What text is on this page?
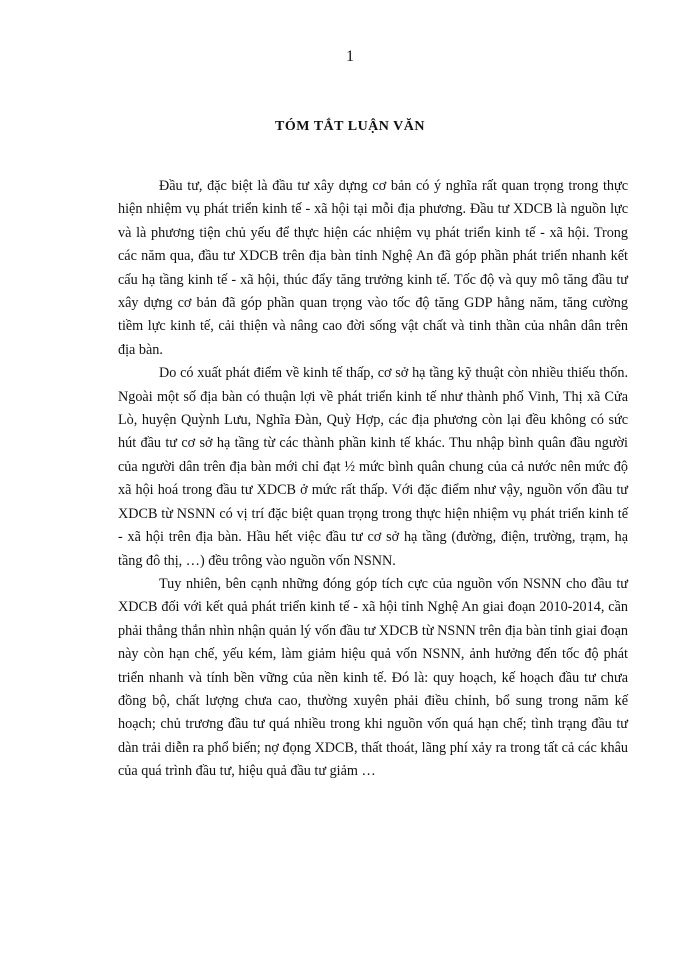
1
TÓM TẮT LUẬN VĂN

Đầu tư, đặc biệt là đầu tư xây dựng cơ bản có ý nghĩa rất quan trọng trong thực hiện nhiệm vụ phát triển kinh tế - xã hội tại mỗi địa phương. Đầu tư XDCB là nguồn lực và là phương tiện chủ yếu để thực hiện các nhiệm vụ phát triển kinh tế - xã hội. Trong các năm qua, đầu tư XDCB trên địa bàn tỉnh Nghệ An đã góp phần phát triển nhanh kết cấu hạ tầng kinh tế - xã hội, thúc đẩy tăng trưởng kinh tế. Tốc độ và quy mô tăng đầu tư xây dựng cơ bản đã góp phần quan trọng vào tốc độ tăng GDP hằng năm, tăng cường tiềm lực kinh tế, cải thiện và nâng cao đời sống vật chất và tinh thần của nhân dân trên địa bàn.

Do có xuất phát điểm về kinh tế thấp, cơ sở hạ tầng kỹ thuật còn nhiều thiếu thốn. Ngoài một số địa bàn có thuận lợi về phát triển kinh tế như thành phố Vinh, Thị xã Cửa Lò, huyện Quỳnh Lưu, Nghĩa Đàn, Quỳ Hợp, các địa phương còn lại đều không có sức hút đầu tư cơ sở hạ tầng từ các thành phần kinh tế khác. Thu nhập bình quân đầu người của người dân trên địa bàn mới chỉ đạt ½ mức bình quân chung của cả nước nên mức độ xã hội hoá trong đầu tư XDCB ở mức rất thấp. Với đặc điểm như vậy, nguồn vốn đầu tư XDCB từ NSNN có vị trí đặc biệt quan trọng trong thực hiện nhiệm vụ phát triển kinh tế - xã hội trên địa bàn. Hầu hết việc đầu tư cơ sở hạ tầng (đường, điện, trường, trạm, hạ tầng đô thị, …) đều trông vào nguồn vốn NSNN.

Tuy nhiên, bên cạnh những đóng góp tích cực của nguồn vốn NSNN cho đầu tư XDCB đối với kết quả phát triển kinh tế - xã hội tỉnh Nghệ An giai đoạn 2010-2014, cần phải thẳng thắn nhìn nhận quản lý vốn đầu tư XDCB từ NSNN trên địa bàn tỉnh giai đoạn này còn hạn chế, yếu kém, làm giảm hiệu quả vốn NSNN, ảnh hưởng đến tốc độ phát triển nhanh và tính bền vững của nền kinh tế. Đó là: quy hoạch, kế hoạch đầu tư chưa đồng bộ, chất lượng chưa cao, thường xuyên phải điều chỉnh, bổ sung trong năm kế hoạch; chủ trương đầu tư quá nhiều trong khi nguồn vốn quá hạn chế; tình trạng đầu tư dàn trải diễn ra phổ biến; nợ đọng XDCB, thất thoát, lãng phí xảy ra trong tất cả các khâu của quá trình đầu tư, hiệu quả đầu tư giảm …
